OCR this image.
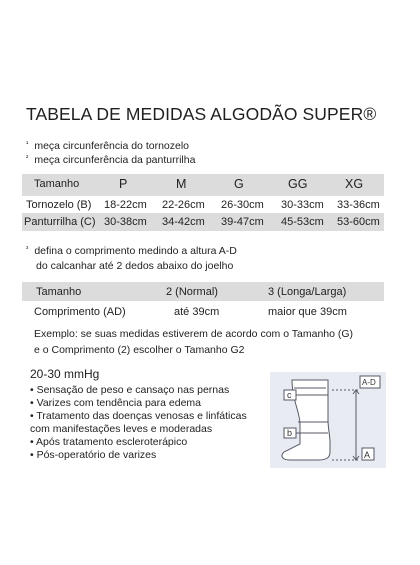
TABELA DE MEDIDAS ALGODÃO SUPER®
$^{^1}$ meça circunferência do tornozelo
$^{^2}$ meça circunferência da panturrilha
Tamanho	P	M	G	GG	XG
Tornozelo (B) 18-22cm 22-26cm 26-30cm 30-33cm 33-36cm
Panturrilha (C) 30-38cm 34-42cm 39-47cm 45-53cm 53-60cm
$^{^3}$ defina o comprimento medindo a altura A-D
do calcanhar até 2 dedos abaixo do joelho
Tamanho	2 (Normal)	3 (Longa/Larga)
Comprimento (AD)	até 39cm	maior que 39cm
Exemplo: se suas medidas estiverem de acordo com o Tamanho (G)
e o Comprimento (2) escolher o Tamanho G2
20-30 mmHg
• Sensação de peso e cansaço nas pernas
• Varizes com tendência para edema
• Tratamento das doenças venosas e linfáticas
com manifestações leves e moderadas
• Após tratamento escleroterápico
• Pós-operatório de varizes
c
b
A-D
A
